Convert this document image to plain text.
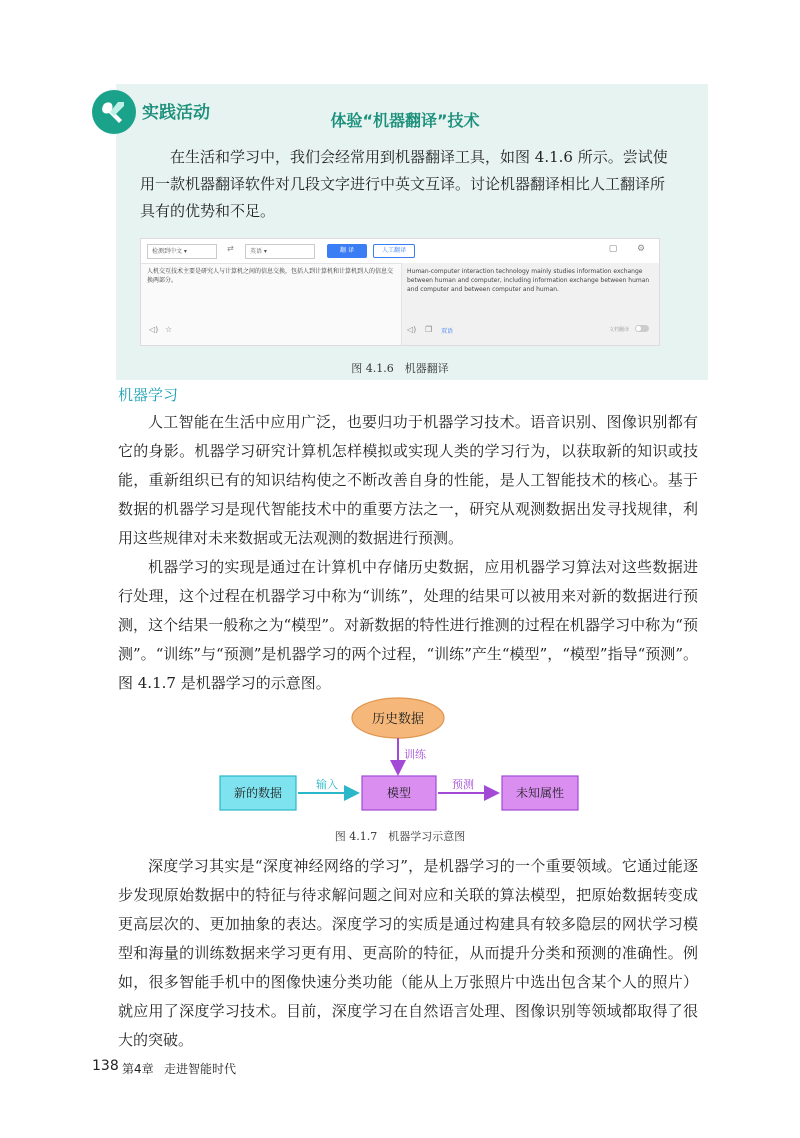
实践活动	体验“机器翻译”技术

在生活和学习中，我们会经常用到机器翻译工具，如图 4.1.6 所示。尝试使用一款机器翻译软件对几段文字进行中英文互译。讨论机器翻译相比人工翻译所具有的优势和不足。

检测到中文 ▾	⇄	英语 ▾	翻 译	人工翻译	▢ ⚙
人机交互技术主要是研究人与计算机之间的信息交换，包括人到计算机和计算机到人的信息交换两部分。
Human-computer interaction technology mainly studies information exchange between human and computer, including information exchange between human and computer and between computer and human.
◁) ☆	◁) ❐ 双语	文档翻译
图 4.1.6　机器翻译
机器学习

人工智能在生活中应用广泛，也要归功于机器学习技术。语音识别、图像识别都有它的身影。机器学习研究计算机怎样模拟或实现人类的学习行为，以获取新的知识或技能，重新组织已有的知识结构使之不断改善自身的性能，是人工智能技术的核心。基于数据的机器学习是现代智能技术中的重要方法之一，研究从观测数据出发寻找规律，利用这些规律对未来数据或无法观测的数据进行预测。

机器学习的实现是通过在计算机中存储历史数据，应用机器学习算法对这些数据进行处理，这个过程在机器学习中称为“训练”，处理的结果可以被用来对新的数据进行预测，这个结果一般称之为“模型”。对新数据的特性进行推测的过程在机器学习中称为“预测”。“训练”与“预测”是机器学习的两个过程，“训练”产生“模型”，“模型”指导“预测”。图 4.1.7 是机器学习的示意图。

历史数据
训练
新的数据
输入
模型
预测
未知属性
图 4.1.7　机器学习示意图

深度学习其实是“深度神经网络的学习”，是机器学习的一个重要领域。它通过能逐步发现原始数据中的特征与待求解问题之间对应和关联的算法模型，把原始数据转变成更高层次的、更加抽象的表达。深度学习的实质是通过构建具有较多隐层的网状学习模型和海量的训练数据来学习更有用、更高阶的特征，从而提升分类和预测的准确性。例如，很多智能手机中的图像快速分类功能（能从上万张照片中选出包含某个人的照片）就应用了深度学习技术。目前，深度学习在自然语言处理、图像识别等领域都取得了很大的突破。

138 第4章 走进智能时代
